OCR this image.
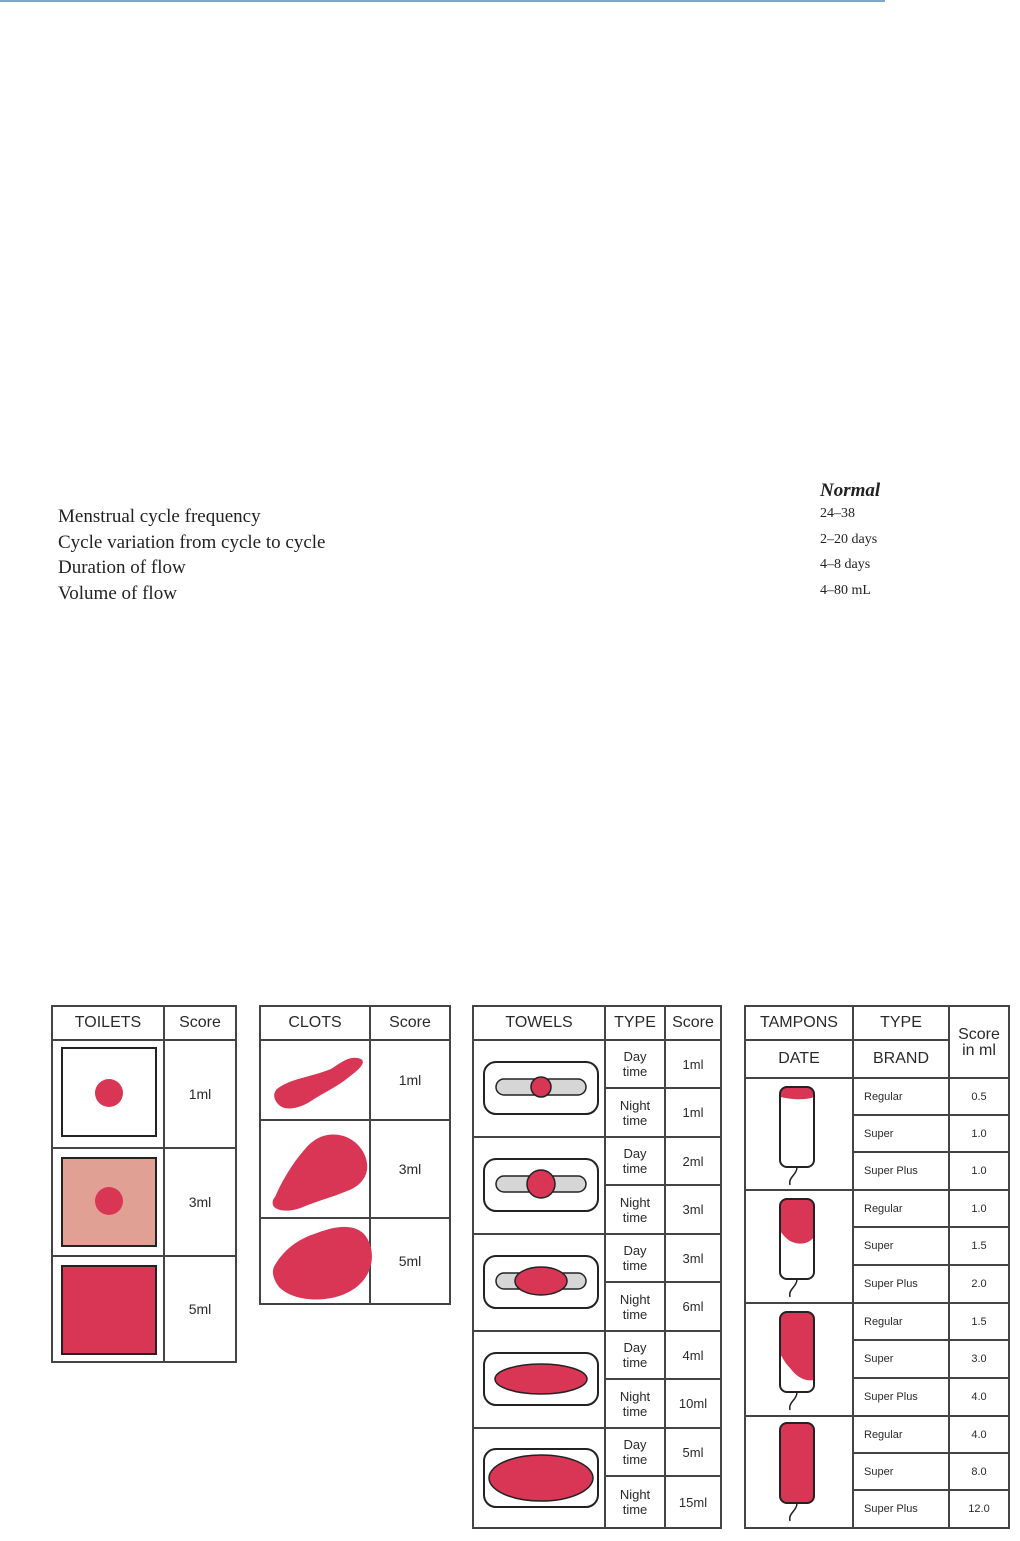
Normal
Menstrual cycle frequency	24–38
Cycle variation from cycle to cycle	2–20 days
Duration of flow	4–8 days
Volume of flow	4–80 mL
TOILETS	Score
1ml
3ml
5ml
CLOTS	Score
1ml
3ml
5ml
TOWELS	TYPE	Score
Day
time	1ml
Night
time	1ml
Day
time	2ml
Night
time	3ml
Day
time	3ml
Night
time	6ml
Day
time	4ml
Night
time	10ml
Day
time	5ml
Night
time	15ml
TAMPONS	TYPE
Score
in ml
DATE	BRAND
Regular	0.5
Super	1.0
Super Plus	1.0
Regular	1.0
Super	1.5
Super Plus	2.0
Regular	1.5
Super	3.0
Super Plus	4.0
Regular	4.0
Super	8.0
Super Plus	12.0
